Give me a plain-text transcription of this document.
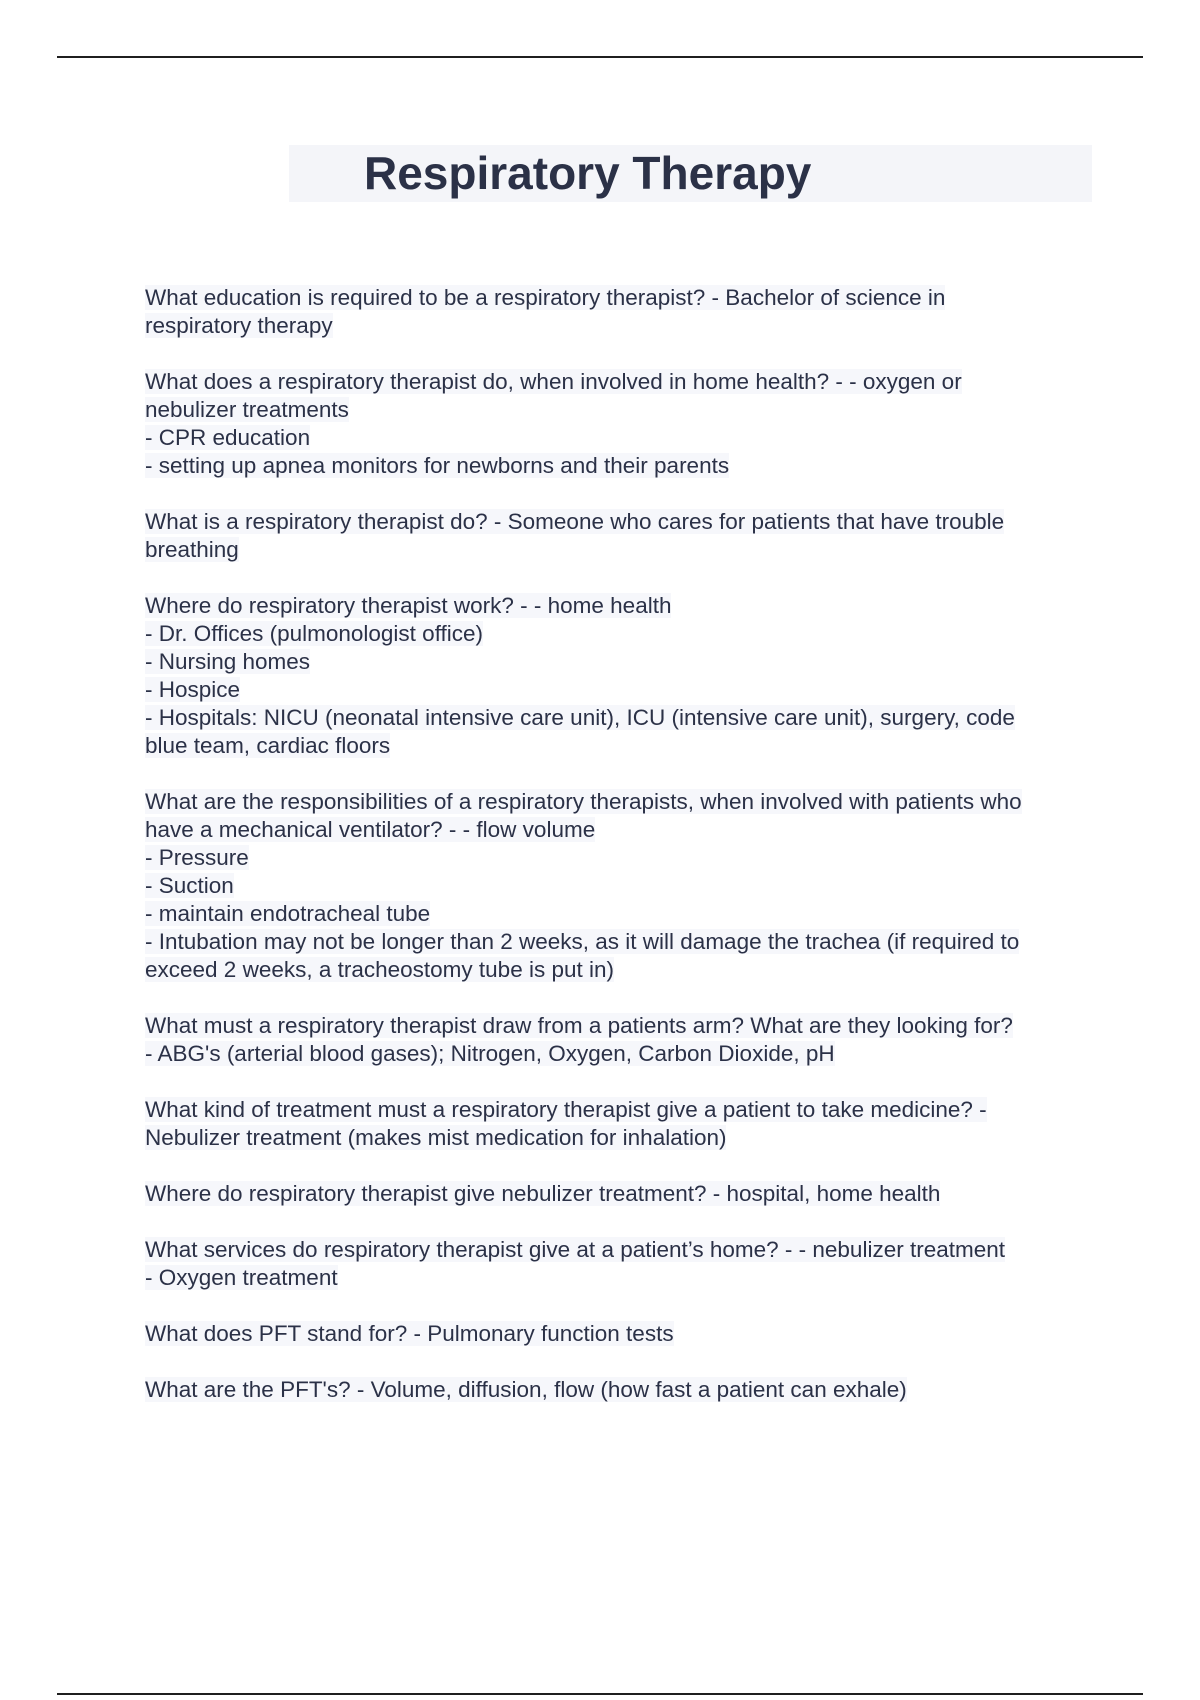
Respiratory Therapy
What education is required to be a respiratory therapist? - Bachelor of science in
respiratory therapy
What does a respiratory therapist do, when involved in home health? - - oxygen or
nebulizer treatments
- CPR education
- setting up apnea monitors for newborns and their parents
What is a respiratory therapist do? - Someone who cares for patients that have trouble
breathing
Where do respiratory therapist work? - - home health
- Dr. Offices (pulmonologist office)
- Nursing homes
- Hospice
- Hospitals: NICU (neonatal intensive care unit), ICU (intensive care unit), surgery, code
blue team, cardiac floors
What are the responsibilities of a respiratory therapists, when involved with patients who
have a mechanical ventilator? - - flow volume
- Pressure
- Suction
- maintain endotracheal tube
- Intubation may not be longer than 2 weeks, as it will damage the trachea (if required to
exceed 2 weeks, a tracheostomy tube is put in)
What must a respiratory therapist draw from a patients arm? What are they looking for?
- ABG's (arterial blood gases); Nitrogen, Oxygen, Carbon Dioxide, pH
What kind of treatment must a respiratory therapist give a patient to take medicine? -
Nebulizer treatment (makes mist medication for inhalation)
Where do respiratory therapist give nebulizer treatment? - hospital, home health
What services do respiratory therapist give at a patient’s home? - - nebulizer treatment
- Oxygen treatment
What does PFT stand for? - Pulmonary function tests
What are the PFT's? - Volume, diffusion, flow (how fast a patient can exhale)
